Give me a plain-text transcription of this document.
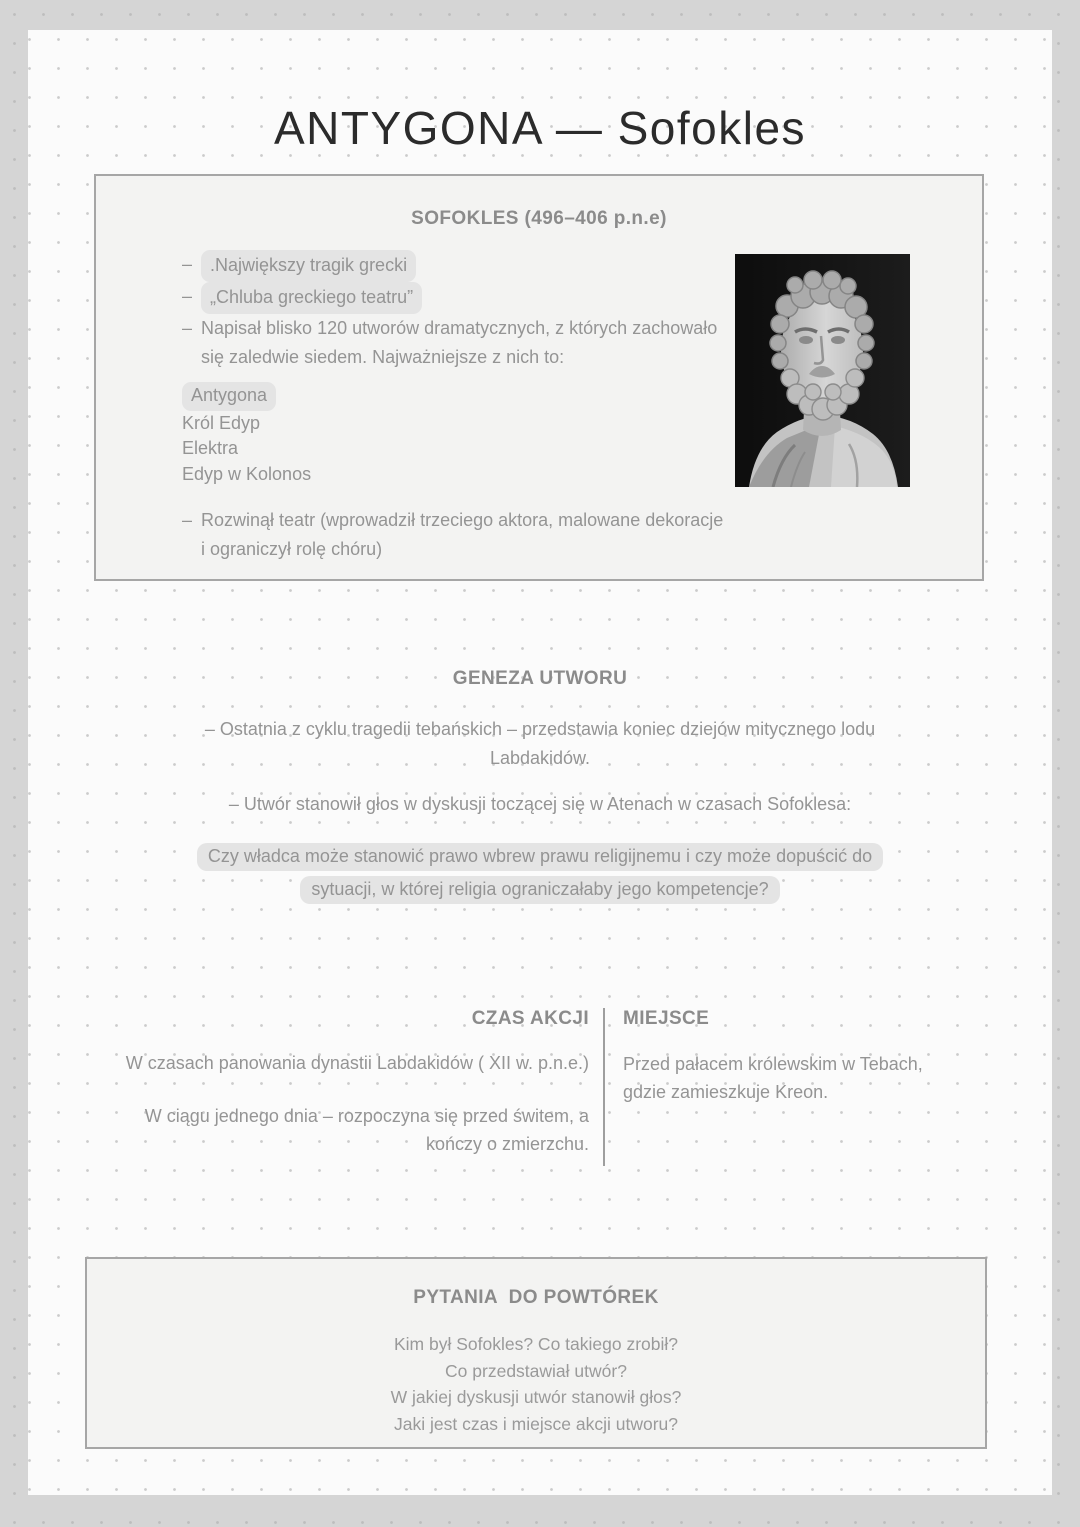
ANTYGONA — Sofokles
SOFOKLES (496–406 p.n.e)
–	.Największy tragik grecki
–	„Chluba greckiego teatru”
– Napisał blisko 120 utworów dramatycznych, z których zachowało się zaledwie siedem. Najważniejsze z nich to:
Antygona
Król Edyp
Elektra
Edyp w Kolonos
– Rozwinął teatr (wprowadził trzeciego aktora, malowane dekoracje i ograniczył rolę chóru)
GENEZA UTWORU

– Ostatnia z cyklu tragedii tebańskich – przedstawia koniec dziejów mitycznego lodu Labdakidów.

– Utwór stanowił głos w dyskusji toczącej się w Atenach w czasach Sofoklesa:

Czy władca może stanowić prawo wbrew prawu religijnemu i czy może dopuścić do
sytuacji, w której religia ograniczałaby jego kompetencje?
CZAS AKCJI

W czasach panowania dynastii Labdakidów ( XII w. p.n.e.)

W ciągu jednego dnia – rozpoczyna się przed świtem, a kończy o zmierzchu.

MIEJSCE

Przed pałacem królewskim w Tebach, gdzie zamieszkuje Kreon.

PYTANIA  DO POWTÓREK
Kim był Sofokles? Co takiego zrobił?
Co przedstawiał utwór?
W jakiej dyskusji utwór stanowił głos?
Jaki jest czas i miejsce akcji utworu?
